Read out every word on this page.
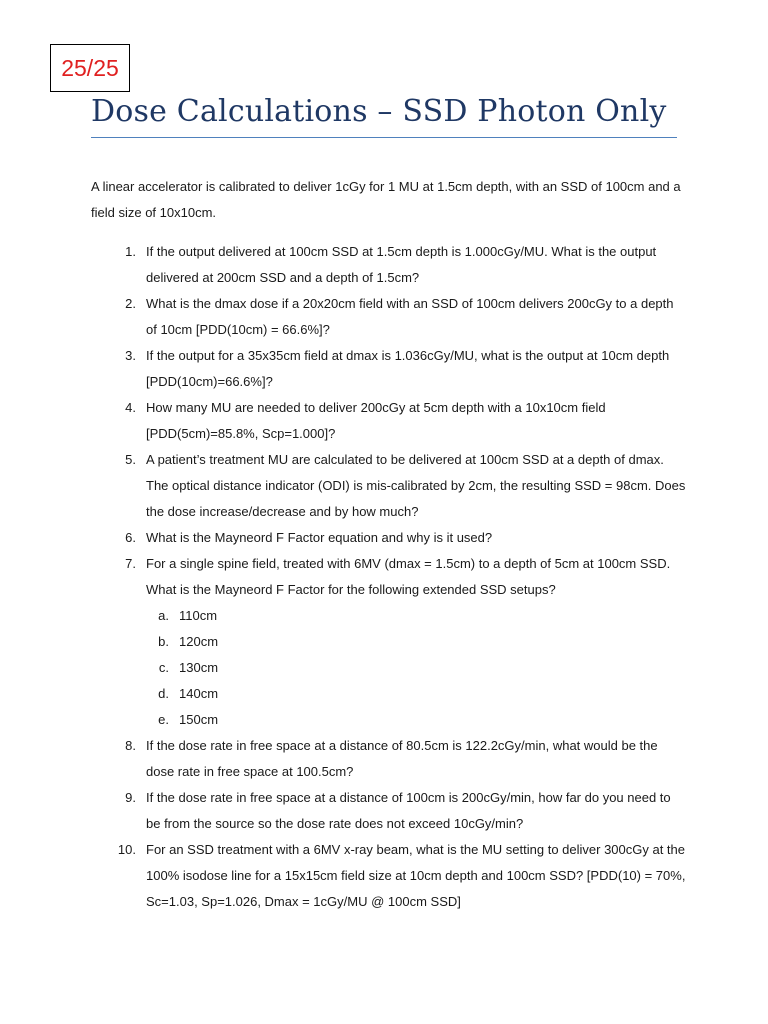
25/25
Dose Calculations – SSD Photon Only

A linear accelerator is calibrated to deliver 1cGy for 1 MU at 1.5cm depth, with an SSD of 100cm and a field size of 10x10cm.

1. If the output delivered at 100cm SSD at 1.5cm depth is 1.000cGy/MU. What is the output delivered at 200cm SSD and a depth of 1.5cm?
2. What is the dmax dose if a 20x20cm field with an SSD of 100cm delivers 200cGy to a depth of 10cm [PDD(10cm) = 66.6%]?
3. If the output for a 35x35cm field at dmax is 1.036cGy/MU, what is the output at 10cm depth [PDD(10cm)=66.6%]?
4. How many MU are needed to deliver 200cGy at 5cm depth with a 10x10cm field [PDD(5cm)=85.8%, Scp=1.000]?
5. A patient’s treatment MU are calculated to be delivered at 100cm SSD at a depth of dmax. The optical distance indicator (ODI) is mis-calibrated by 2cm, the resulting SSD = 98cm. Does the dose increase/decrease and by how much?
6. What is the Mayneord F Factor equation and why is it used?
7. For a single spine field, treated with 6MV (dmax = 1.5cm) to a depth of 5cm at 100cm SSD. What is the Mayneord F Factor for the following extended SSD setups?
a. 110cm
b. 120cm
c. 130cm
d. 140cm
e. 150cm
8. If the dose rate in free space at a distance of 80.5cm is 122.2cGy/min, what would be the dose rate in free space at 100.5cm?
9. If the dose rate in free space at a distance of 100cm is 200cGy/min, how far do you need to be from the source so the dose rate does not exceed 10cGy/min?
10. For an SSD treatment with a 6MV x-ray beam, what is the MU setting to deliver 300cGy at the 100% isodose line for a 15x15cm field size at 10cm depth and 100cm SSD? [PDD(10) = 70%, Sc=1.03, Sp=1.026, Dmax = 1cGy/MU @ 100cm SSD]
